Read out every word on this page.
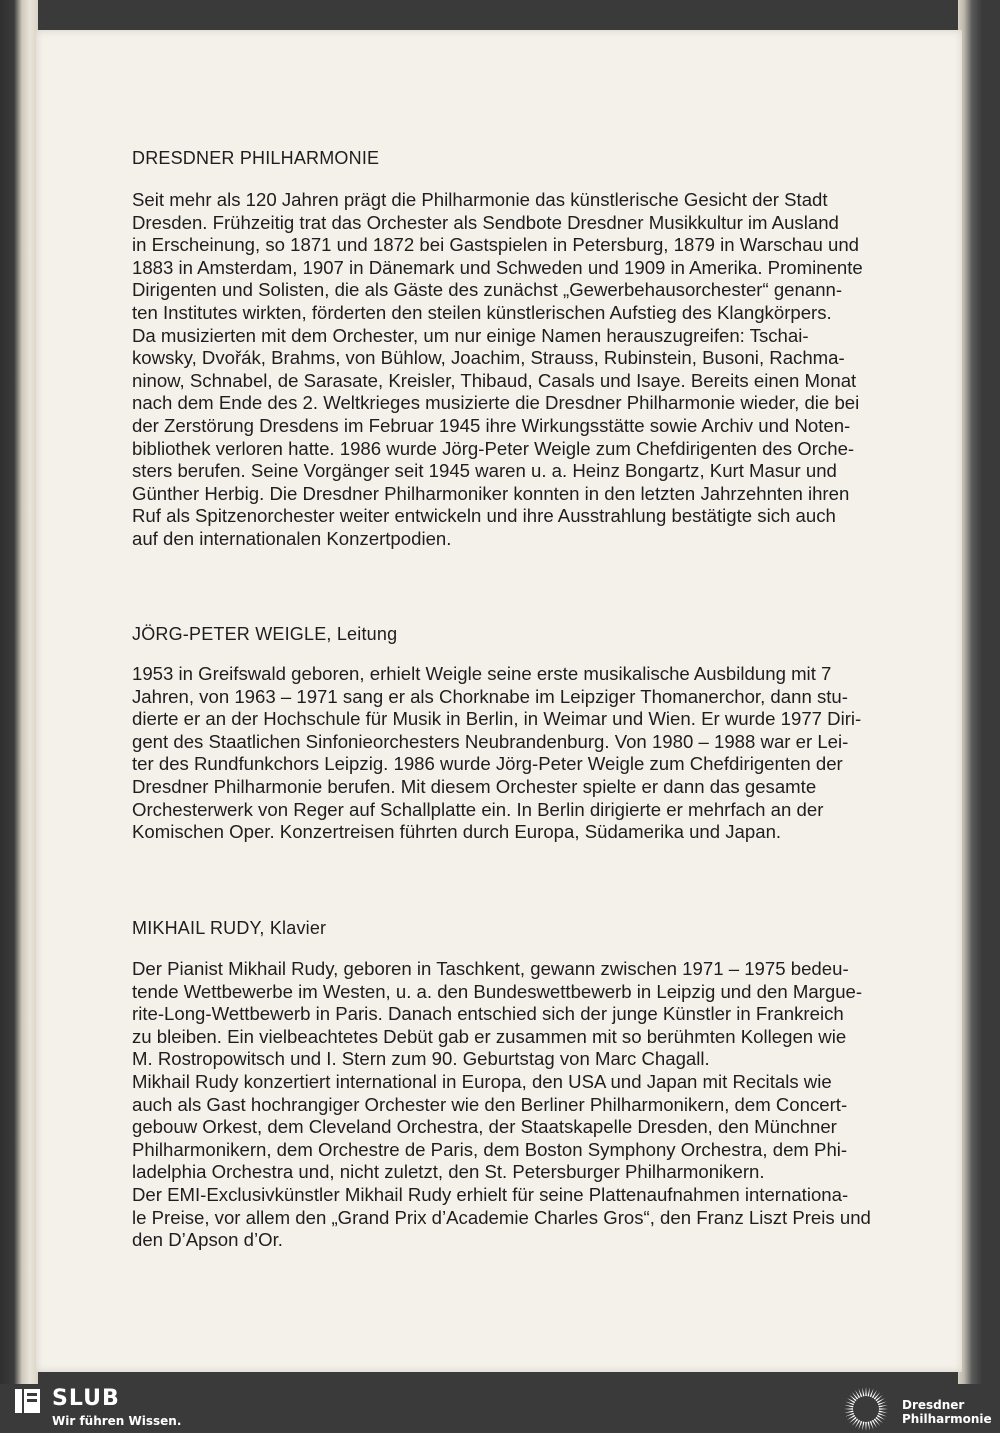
DRESDNER PHILHARMONIE
Seit mehr als 120 Jahren prägt die Philharmonie das künstlerische Gesicht der Stadt
Dresden. Frühzeitig trat das Orchester als Sendbote Dresdner Musikkultur im Ausland
in Erscheinung, so 1871 und 1872 bei Gastspielen in Petersburg, 1879 in Warschau und
1883 in Amsterdam, 1907 in Dänemark und Schweden und 1909 in Amerika. Prominente
Dirigenten und Solisten, die als Gäste des zunächst „Gewerbehausorchester“ genann-
ten Institutes wirkten, förderten den steilen künstlerischen Aufstieg des Klangkörpers.
Da musizierten mit dem Orchester, um nur einige Namen herauszugreifen: Tschai-
kowsky, Dvořák, Brahms, von Bühlow, Joachim, Strauss, Rubinstein, Busoni, Rachma-
ninow, Schnabel, de Sarasate, Kreisler, Thibaud, Casals und Isaye. Bereits einen Monat
nach dem Ende des 2. Weltkrieges musizierte die Dresdner Philharmonie wieder, die bei
der Zerstörung Dresdens im Februar 1945 ihre Wirkungsstätte sowie Archiv und Noten-
bibliothek verloren hatte. 1986 wurde Jörg-Peter Weigle zum Chefdirigenten des Orche-
sters berufen. Seine Vorgänger seit 1945 waren u. a. Heinz Bongartz, Kurt Masur und
Günther Herbig. Die Dresdner Philharmoniker konnten in den letzten Jahrzehnten ihren
Ruf als Spitzenorchester weiter entwickeln und ihre Ausstrahlung bestätigte sich auch
auf den internationalen Konzertpodien.
JÖRG-PETER WEIGLE, Leitung
1953 in Greifswald geboren, erhielt Weigle seine erste musikalische Ausbildung mit 7
Jahren, von 1963 – 1971 sang er als Chorknabe im Leipziger Thomanerchor, dann stu-
dierte er an der Hochschule für Musik in Berlin, in Weimar und Wien. Er wurde 1977 Diri-
gent des Staatlichen Sinfonieorchesters Neubrandenburg. Von 1980 – 1988 war er Lei-
ter des Rundfunkchors Leipzig. 1986 wurde Jörg-Peter Weigle zum Chefdirigenten der
Dresdner Philharmonie berufen. Mit diesem Orchester spielte er dann das gesamte
Orchesterwerk von Reger auf Schallplatte ein. In Berlin dirigierte er mehrfach an der
Komischen Oper. Konzertreisen führten durch Europa, Südamerika und Japan.
MIKHAIL RUDY, Klavier
Der Pianist Mikhail Rudy, geboren in Taschkent, gewann zwischen 1971 – 1975 bedeu-
tende Wettbewerbe im Westen, u. a. den Bundeswettbewerb in Leipzig und den Margue-
rite-Long-Wettbewerb in Paris. Danach entschied sich der junge Künstler in Frankreich
zu bleiben. Ein vielbeachtetes Debüt gab er zusammen mit so berühmten Kollegen wie
M. Rostropowitsch und I. Stern zum 90. Geburtstag von Marc Chagall.
Mikhail Rudy konzertiert international in Europa, den USA und Japan mit Recitals wie
auch als Gast hochrangiger Orchester wie den Berliner Philharmonikern, dem Concert-
gebouw Orkest, dem Cleveland Orchestra, der Staatskapelle Dresden, den Münchner
Philharmonikern, dem Orchestre de Paris, dem Boston Symphony Orchestra, dem Phi-
ladelphia Orchestra und, nicht zuletzt, den St. Petersburger Philharmonikern.
Der EMI-Exclusivkünstler Mikhail Rudy erhielt für seine Plattenaufnahmen internationa-
le Preise, vor allem den „Grand Prix d’Academie Charles Gros“, den Franz Liszt Preis und
den D’Apson d’Or.
SLUB
Wir führen Wissen.
Dresdner
Philharmonie
